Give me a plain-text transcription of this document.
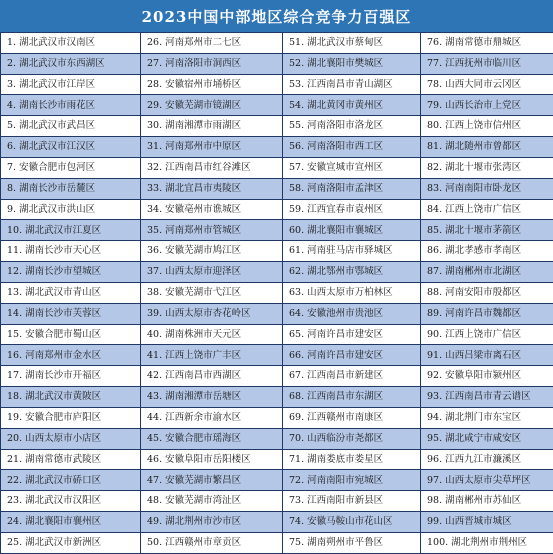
2023中国中部地区综合竞争力百强区
1. 湖北武汉市汉南区	26. 河南郑州市二七区	51. 湖北武汉市蔡甸区	76. 湖南常德市鼎城区
2. 湖北武汉市东西湖区	27. 河南洛阳市洞西区	52. 湖北襄阳市樊城区	77. 江西抚州市临川区
3. 湖北武汉市江岸区	28. 安徽宿州市埇桥区	53. 江西南昌市青山湖区	78. 山西大同市云冈区
4. 湖南长沙市雨花区	29. 安徽芜湖市镜湖区	54. 湖北黄冈市黄州区	79. 山西长治市上党区
5. 湖北武汉市武昌区	30. 湖南湘潭市雨湖区	55. 河南洛阳市洛龙区	80. 江西上饶市信州区
6. 湖北武汉市江汉区	31. 河南郑州市中原区	56. 河南洛阳市西工区	81. 湖北随州市曾都区
7. 安徽合肥市包河区	32. 江西南昌市红谷滩区	57. 安徽宣城市宣州区	82. 湖北十堰市张湾区
8. 湖南长沙市岳麓区	33. 湖北宜昌市夷陵区	58. 河南洛阳市孟津区	83. 河南南阳市卧龙区
9. 湖北武汉市洪山区	34. 安徽亳州市谯城区	59. 江西宜春市袁州区	84. 江西上饶市广信区
10. 湖北武汉市江夏区	35. 河南郑州市管城区	60. 湖北襄阳市襄城区	85. 湖北十堰市茅箭区
11. 湖南长沙市天心区	36. 安徽芜湖市鸠江区	61. 河南驻马店市驿城区	86. 湖北孝感市孝南区
12. 湖南长沙市望城区	37. 山西太原市迎泽区	62. 湖北鄂州市鄂城区	87. 湖南郴州市北湖区
13. 湖北武汉市青山区	38. 安徽芜湖市弋江区	63. 山西太原市万柏林区	88. 河南安阳市殷都区
14. 湖南长沙市芙蓉区	39. 山西太原市杏花岭区	64. 安徽池州市贵池区	89. 河南许昌市魏都区
15. 安徽合肥市蜀山区	40. 湖南株洲市天元区	65. 河南许昌市建安区	90. 江西上饶市广信区
16. 河南郑州市金水区	41. 江西上饶市广丰区	66. 河南许昌市建安区	91. 山西吕梁市离石区
17. 湖南长沙市开福区	42. 江西南昌市西湖区	67. 江西南昌市新建区	92. 安徽阜阳市颍州区
18. 湖北武汉市黄陂区	43. 湖南湘潭市岳塘区	68. 江西南昌市东湖区	93. 江西南昌市青云谱区
19. 安徽合肥市庐阳区	44. 江西新余市渝水区	69. 江西赣州市南康区	94. 湖北荆门市东宝区
20. 山西太原市小店区	45. 安徽合肥市瑶海区	70. 山西临汾市尧都区	95. 湖北咸宁市咸安区
21. 湖南常德市武陵区	46. 安徽阜阳市岳阳楼区	71. 湖南娄底市娄星区	96. 江西九江市濂溪区
22. 湖北武汉市硚口区	47. 安徽芜湖市繁昌区	72. 河南南阳市宛城区	97. 山西太原市尖草坪区
23. 湖北武汉市汉阳区	48. 安徽芜湖市湾沚区	73. 江西南阳市新县区	98. 湖南郴州市苏仙区
24. 湖北襄阳市襄州区	49. 湖北荆州市沙市区	74. 安徽马鞍山市花山区	99. 山西晋城市城区
25. 湖北武汉市新洲区	50. 江西赣州市章贡区	75. 湖南朔州市平鲁区	100. 湖北荆州市荆州区
